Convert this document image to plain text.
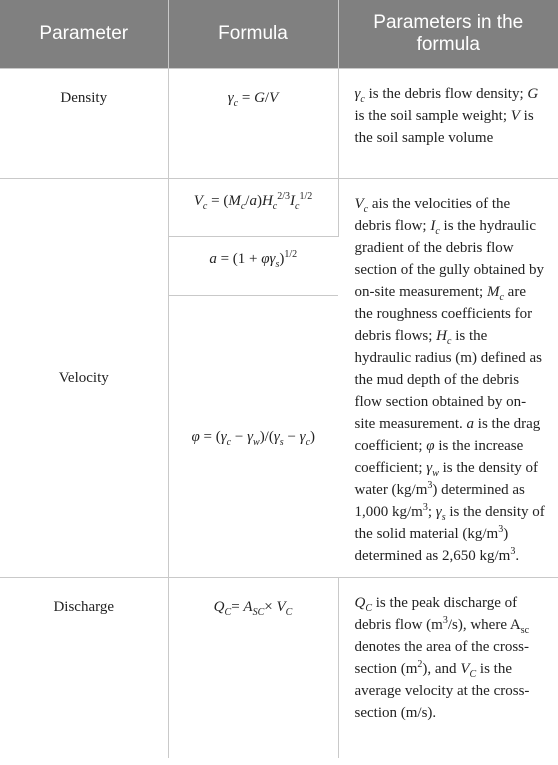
Parameter	Formula	Parameters in the formula
Density	$\gamma_c = G/V$	$\gamma_c$ is the debris flow density; G is the soil sample weight; V is the soil sample volume
Velocity	$V_c = (M_c/a)H_c^{2/3}I_c^{1/2}$	$V_c$ ais the velocities of the debris flow; $I_c$ is the hydraulic gradient of the debris flow section of the gully obtained by on-site measurement; $M_c$ are the roughness coefficients for debris flows; $H_c$ is the hydraulic radius (m) defined as the mud depth of the debris flow section obtained by on-site measurement. a is the drag coefficient; φ is the increase coefficient; $\gamma_w$ is the density of water $(kg/m^3)$ determined as 1,000 $kg/m^3$; $\gamma_s$ is the density of the solid material $(kg/m^3)$ determined as 2,650 $kg/m^3$.
	$a = (1 + \varphi\gamma_s)^{1/2}$
	$\varphi = (\gamma_c - \gamma_w)/(\gamma_s - \gamma_c)$	
Discharge	$Q_C= A_{SC}\times V_C$	$Q_C$ is the peak discharge of debris flow $(m^3/s)$, where $A_{sc}$ denotes the area of the cross-section $(m^2)$, and $V_C$ is the average velocity at the cross-section (m/s).
